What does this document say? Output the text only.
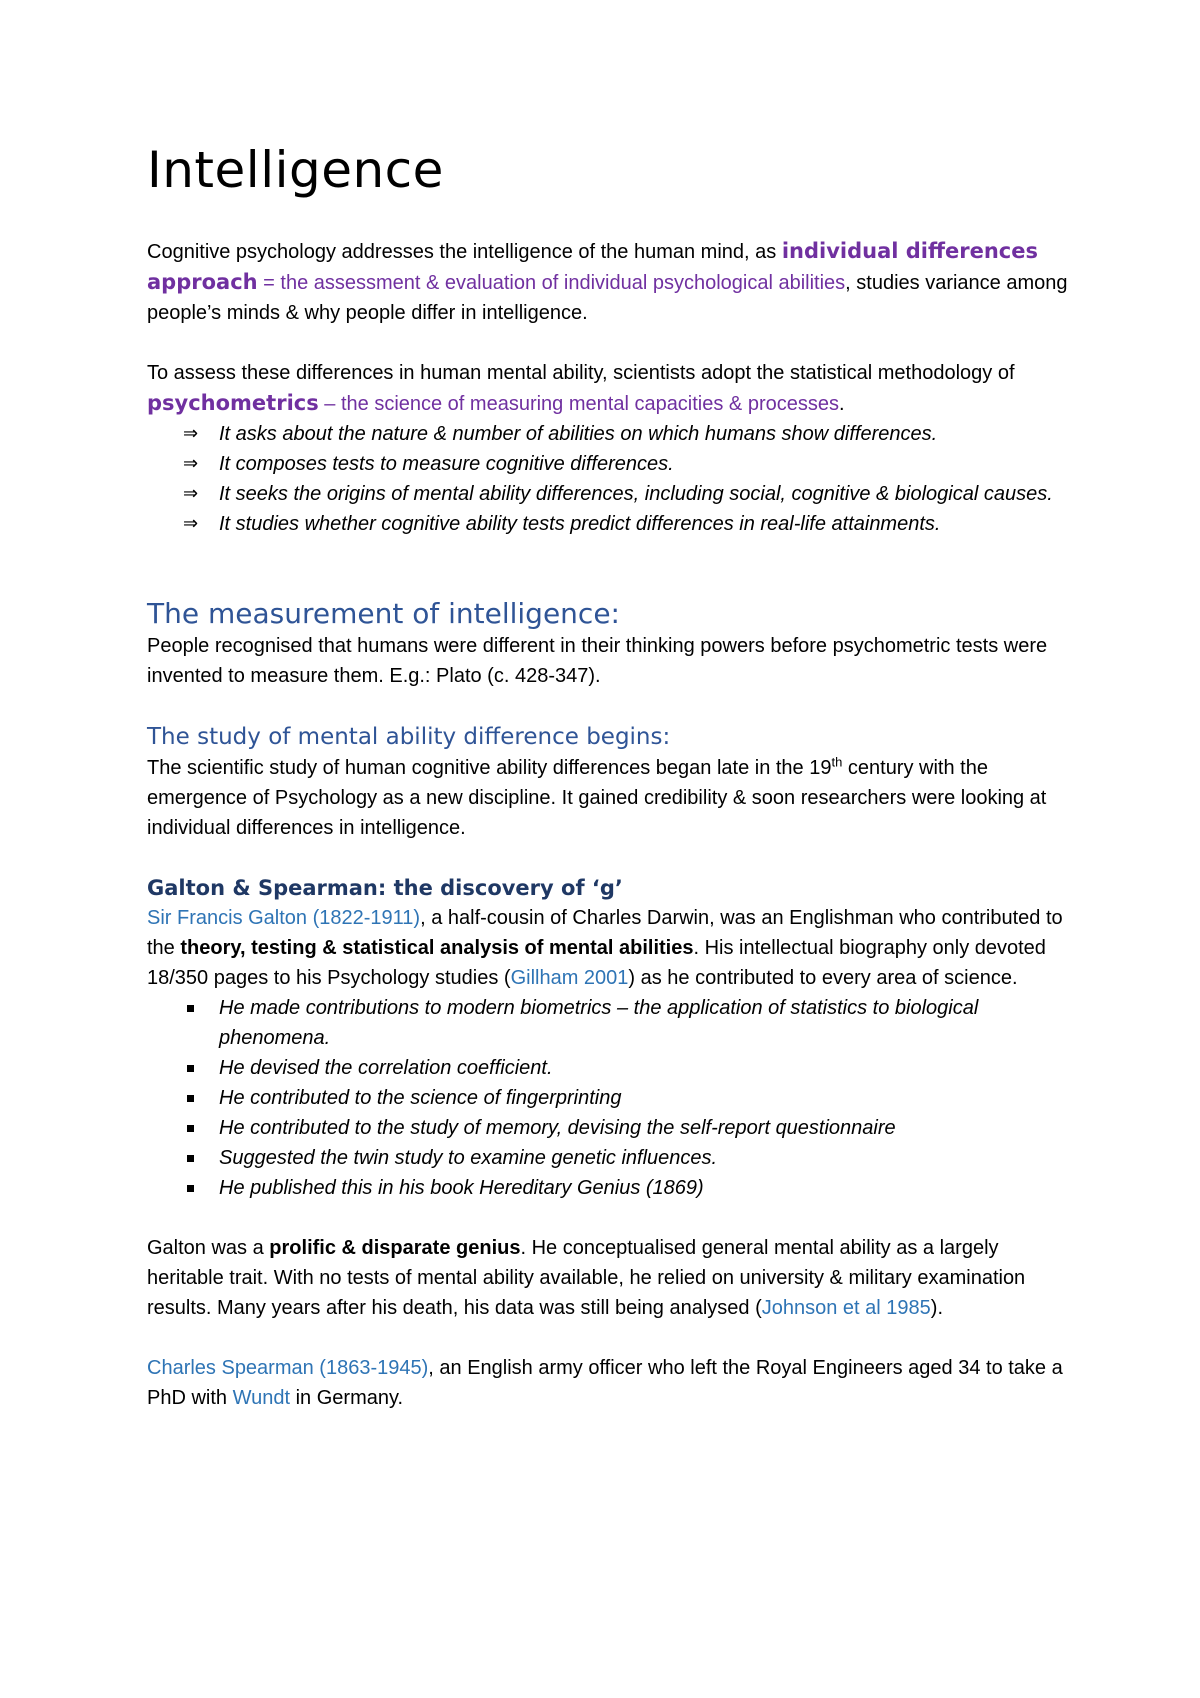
Intelligence

Cognitive psychology addresses the intelligence of the human mind, as individual differences approach = the assessment & evaluation of individual psychological abilities, studies variance among people’s minds & why people differ in intelligence.

To assess these differences in human mental ability, scientists adopt the statistical methodology of psychometrics – the science of measuring mental capacities & processes.

⇒ It asks about the nature & number of abilities on which humans show differences.
⇒ It composes tests to measure cognitive differences.
⇒ It seeks the origins of mental ability differences, including social, cognitive & biological causes.
⇒ It studies whether cognitive ability tests predict differences in real-life attainments.
The measurement of intelligence:

People recognised that humans were different in their thinking powers before psychometric tests were invented to measure them. E.g.: Plato (c. 428-347).

The study of mental ability difference begins:

The scientific study of human cognitive ability differences began late in the 19th century with the emergence of Psychology as a new discipline. It gained credibility & soon researchers were looking at individual differences in intelligence.

Galton & Spearman: the discovery of ‘g’

Sir Francis Galton (1822-1911), a half-cousin of Charles Darwin, was an Englishman who contributed to the theory, testing & statistical analysis of mental abilities. His intellectual biography only devoted 18/350 pages to his Psychology studies (Gillham 2001) as he contributed to every area of science.

He made contributions to modern biometrics – the application of statistics to biological phenomena.
He devised the correlation coefficient.
He contributed to the science of fingerprinting
He contributed to the study of memory, devising the self-report questionnaire
Suggested the twin study to examine genetic influences.
He published this in his book Hereditary Genius (1869)

Galton was a prolific & disparate genius. He conceptualised general mental ability as a largely heritable trait. With no tests of mental ability available, he relied on university & military examination results. Many years after his death, his data was still being analysed (Johnson et al 1985).

Charles Spearman (1863-1945), an English army officer who left the Royal Engineers aged 34 to take a PhD with Wundt in Germany.
